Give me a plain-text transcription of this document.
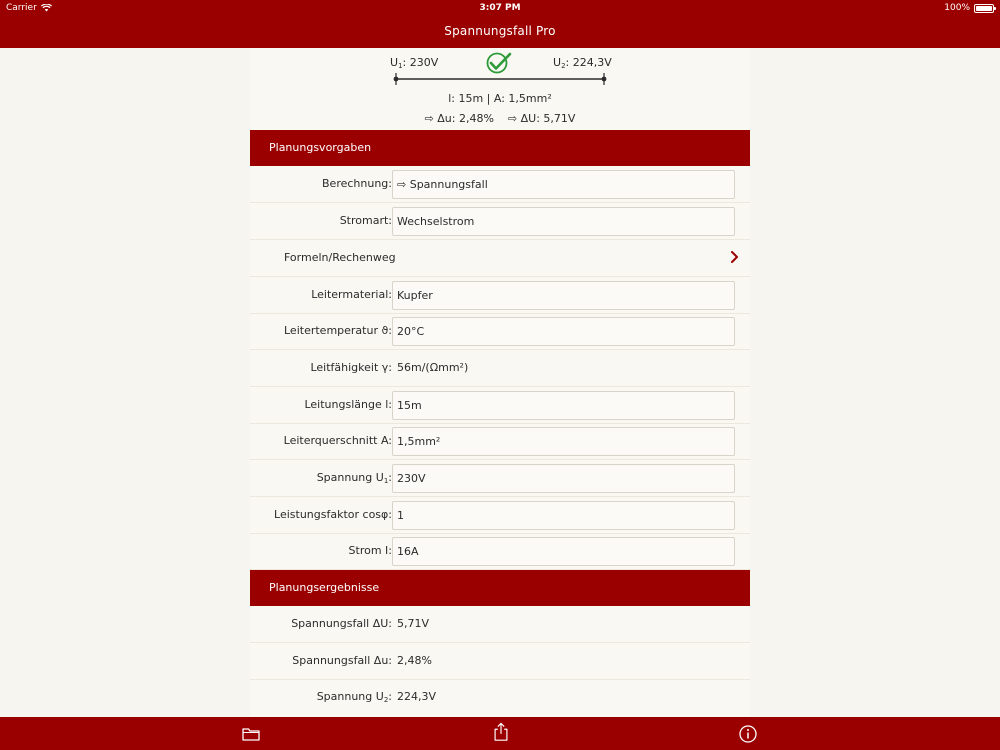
Carrier	3:07 PM	100%
Spannungsfall Pro
$U_1$: 230V	$U_2$: 224,3V
l: 15m | A: 1,5mm²
⇨ Δu: 2,48% ⇨ ΔU: 5,71V
Planungsvorgaben
Berechnung: ⇨ Spannungsfall
Stromart: Wechselstrom
Formeln/Rechenweg
Leitermaterial: Kupfer
Leitertemperatur ϑ: 20°C
Leitfähigkeit γ: 56m/(Ωmm²)
Leitungslänge l: 15m
Leiterquerschnitt A: 1,5mm²
Spannung $U_1$: 230V
Leistungsfaktor cosφ: 1
Strom I: 16A
Planungsergebnisse
Spannungsfall ΔU: 5,71V
Spannungsfall Δu: 2,48%
Spannung $U_2$: 224,3V
